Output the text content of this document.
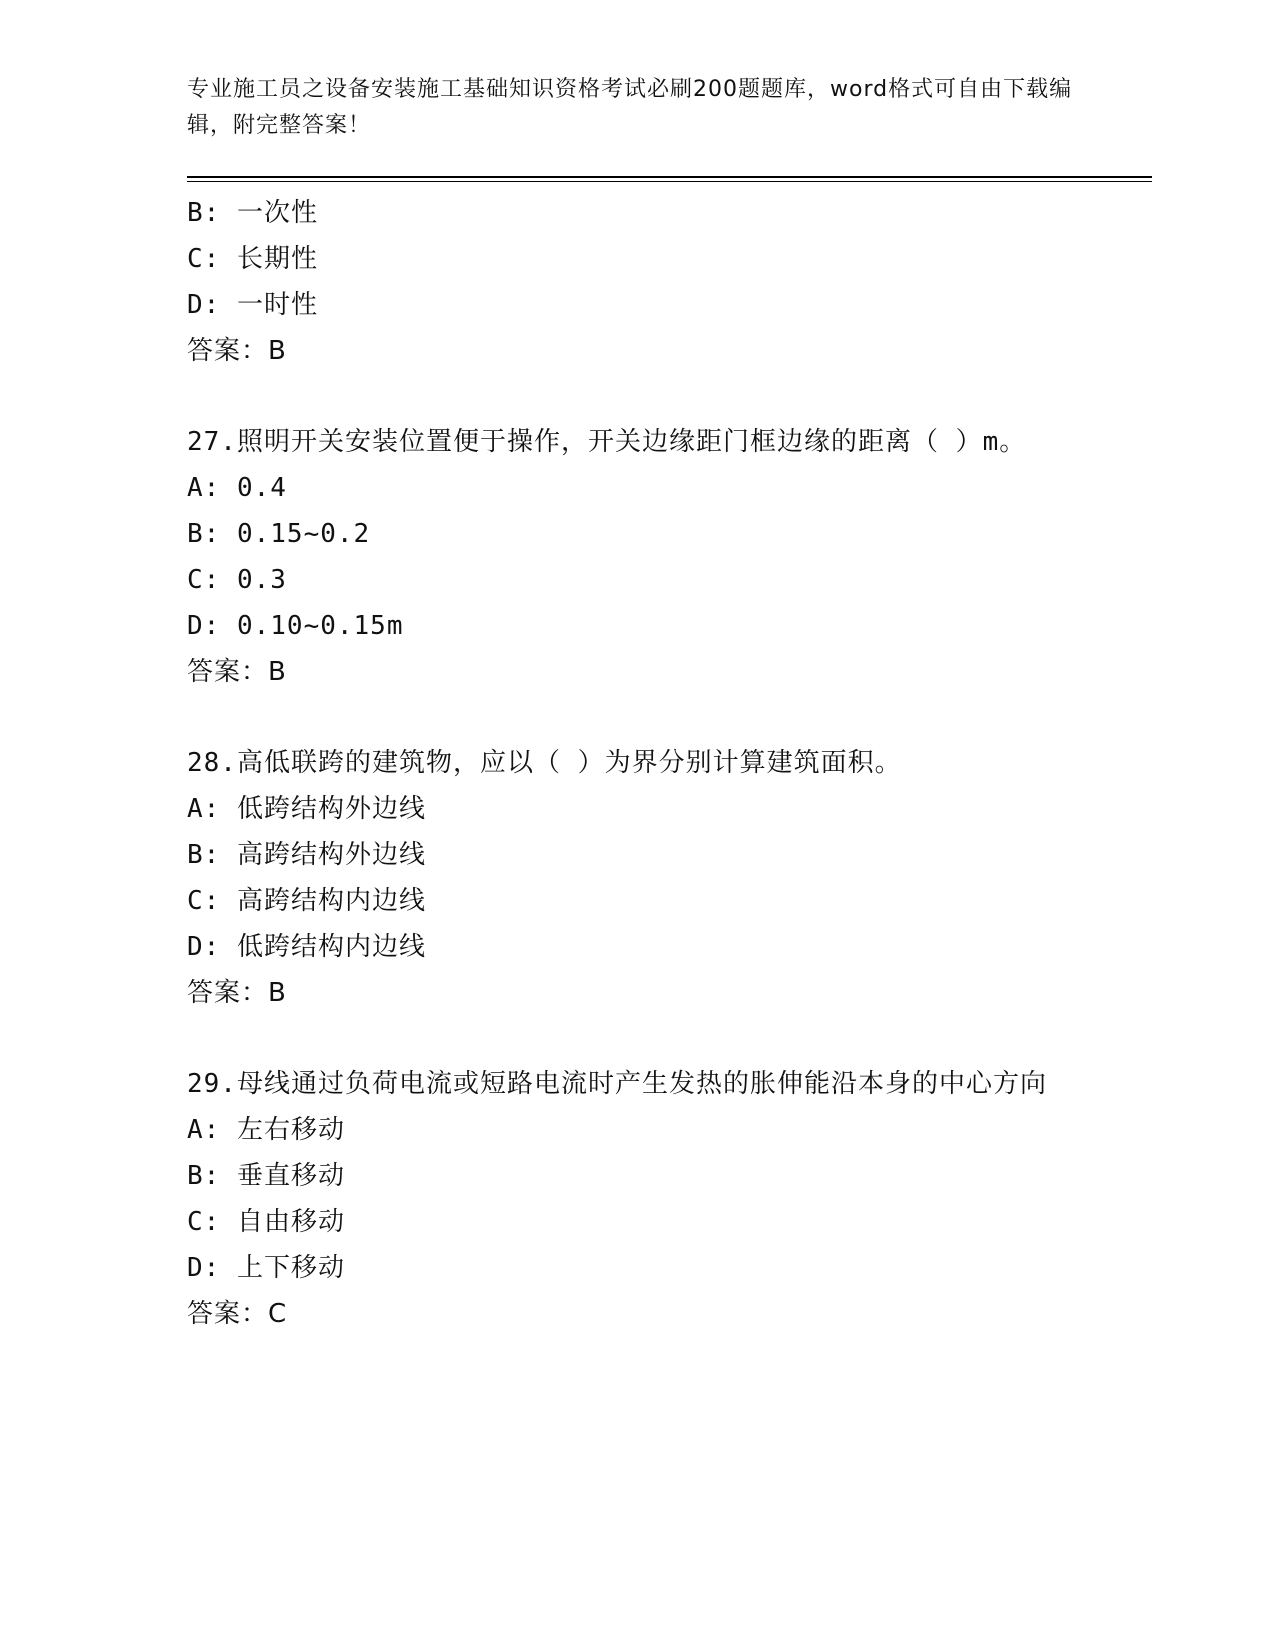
专业施工员之设备安装施工基础知识资格考试必刷200题题库，word格式可自由下载编辑，附完整答案！
B: 一次性
C: 长期性
D: 一时性
答案：B
27.照明开关安装位置便于操作，开关边缘距门框边缘的距离（ ）m。
A: 0.4
B: 0.15~0.2
C: 0.3
D: 0.10~0.15m
答案：B
28.高低联跨的建筑物，应以（ ）为界分别计算建筑面积。
A: 低跨结构外边线
B: 高跨结构外边线
C: 高跨结构内边线
D: 低跨结构内边线
答案：B
29.母线通过负荷电流或短路电流时产生发热的胀伸能沿本身的中心方向
A: 左右移动
B: 垂直移动
C: 自由移动
D: 上下移动
答案：C
